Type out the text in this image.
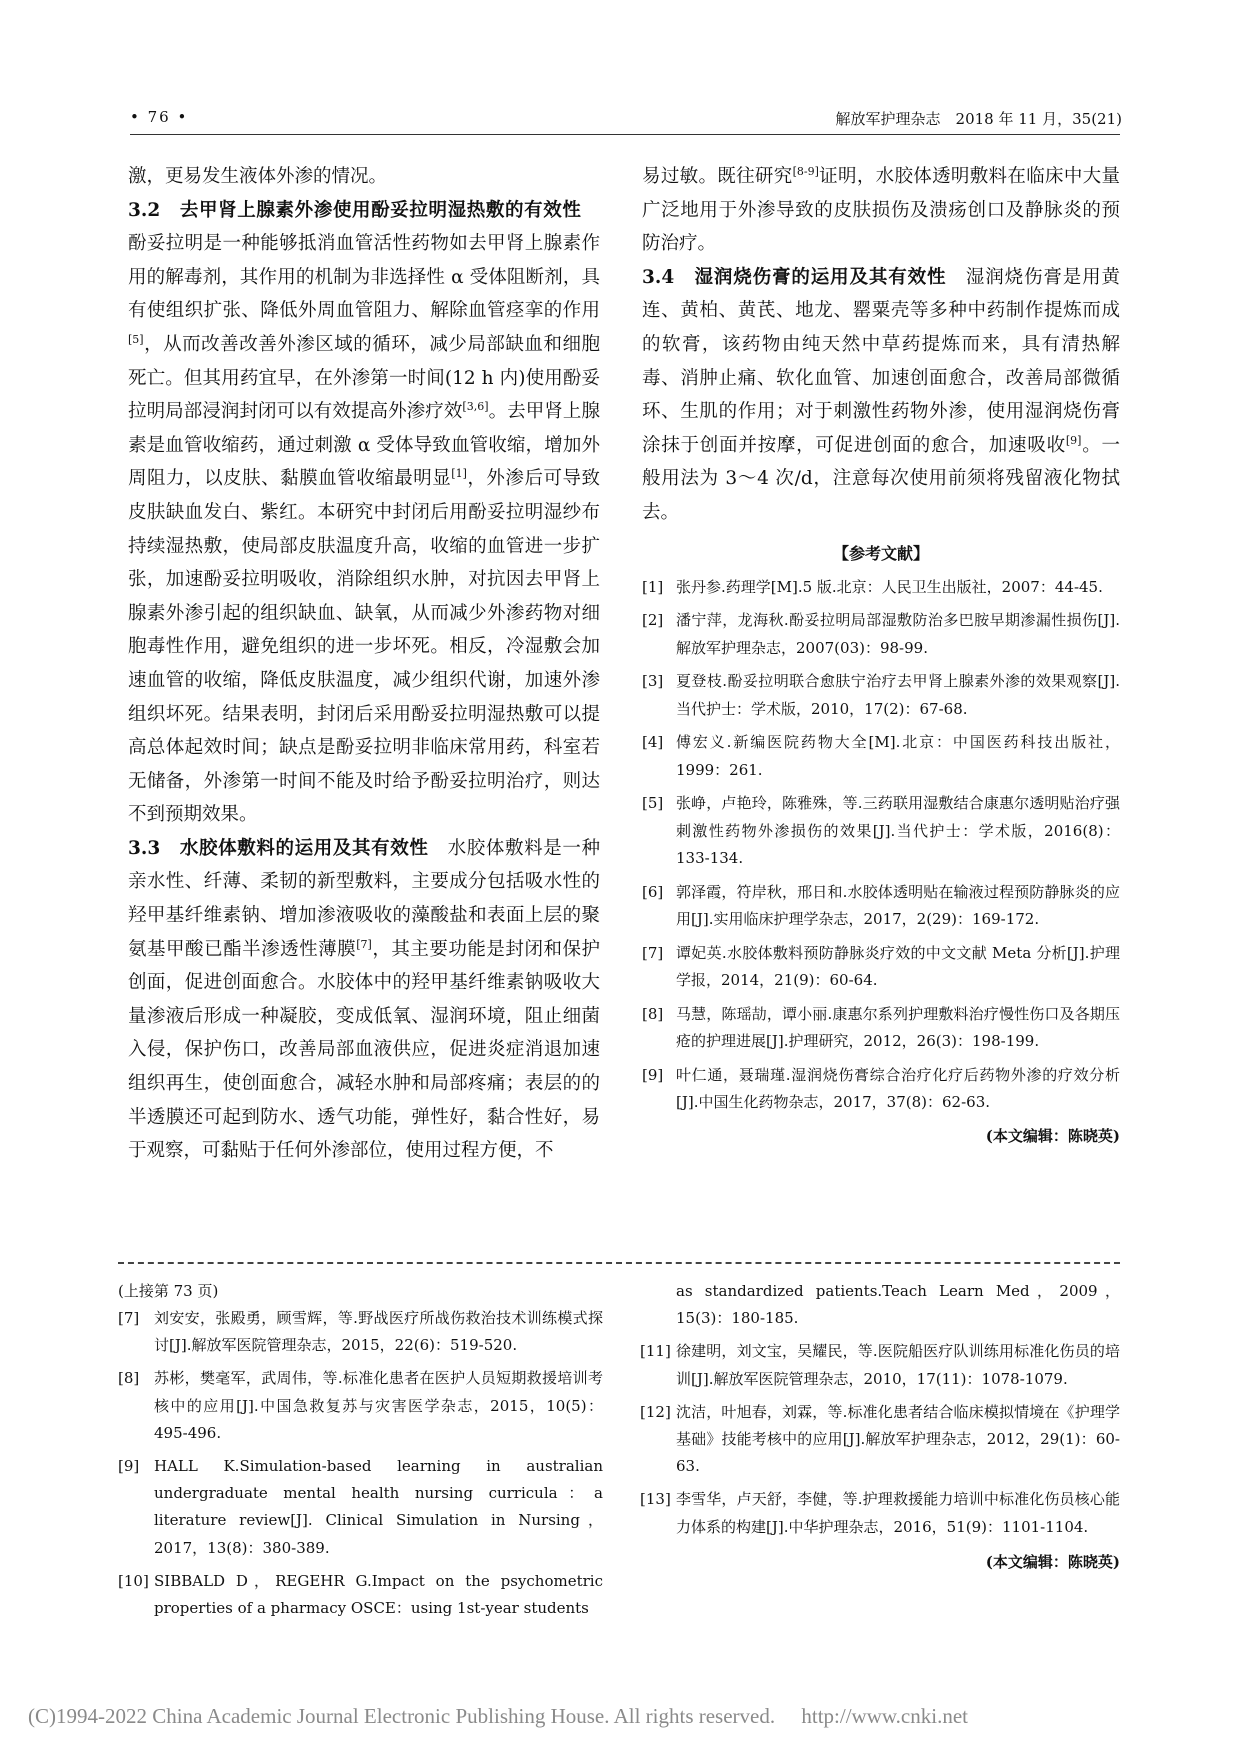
• 76 •	解放军护理杂志　2018 年 11 月，35(21)

激，更易发生液体外渗的情况。

3.2　去甲肾上腺素外渗使用酚妥拉明湿热敷的有效性　酚妥拉明是一种能够抵消血管活性药物如去甲肾上腺素作用的解毒剂，其作用的机制为非选择性 α 受体阻断剂，具有使组织扩张、降低外周血管阻力、解除血管痉挛的作用[5]，从而改善改善外渗区域的循环，减少局部缺血和细胞死亡。但其用药宜早，在外渗第一时间(12 h 内)使用酚妥拉明局部浸润封闭可以有效提高外渗疗效[3,6]。去甲肾上腺素是血管收缩药，通过刺激 α 受体导致血管收缩，增加外周阻力，以皮肤、黏膜血管收缩最明显[1]，外渗后可导致皮肤缺血发白、紫红。本研究中封闭后用酚妥拉明湿纱布持续湿热敷，使局部皮肤温度升高，收缩的血管进一步扩张，加速酚妥拉明吸收，消除组织水肿，对抗因去甲肾上腺素外渗引起的组织缺血、缺氧，从而减少外渗药物对细胞毒性作用，避免组织的进一步坏死。相反，冷湿敷会加速血管的收缩，降低皮肤温度，减少组织代谢，加速外渗组织坏死。结果表明，封闭后采用酚妥拉明湿热敷可以提高总体起效时间；缺点是酚妥拉明非临床常用药，科室若无储备，外渗第一时间不能及时给予酚妥拉明治疗，则达不到预期效果。

3.3　水胶体敷料的运用及其有效性　水胶体敷料是一种亲水性、纤薄、柔韧的新型敷料，主要成分包括吸水性的羟甲基纤维素钠、增加渗液吸收的藻酸盐和表面上层的聚氨基甲酸已酯半渗透性薄膜[7]，其主要功能是封闭和保护创面，促进创面愈合。水胶体中的羟甲基纤维素钠吸收大量渗液后形成一种凝胶，变成低氧、湿润环境，阻止细菌入侵，保护伤口，改善局部血液供应，促进炎症消退加速组织再生，使创面愈合，减轻水肿和局部疼痛；表层的的半透膜还可起到防水、透气功能，弹性好，黏合性好，易于观察，可黏贴于任何外渗部位，使用过程方便，不

易过敏。既往研究[8-9]证明，水胶体透明敷料在临床中大量广泛地用于外渗导致的皮肤损伤及溃疡创口及静脉炎的预防治疗。

3.4　湿润烧伤膏的运用及其有效性　湿润烧伤膏是用黄连、黄柏、黄芪、地龙、罂粟壳等多种中药制作提炼而成的软膏，该药物由纯天然中草药提炼而来，具有清热解毒、消肿止痛、软化血管、加速创面愈合，改善局部微循环、生肌的作用；对于刺激性药物外渗，使用湿润烧伤膏涂抹于创面并按摩，可促进创面的愈合，加速吸收[9]。一般用法为 3～4 次/d，注意每次使用前须将残留液化物拭去。

【参考文献】
[1] 张丹参.药理学[M].5 版.北京：人民卫生出版社，2007：44-45.
[2] 潘宁萍，龙海秋.酚妥拉明局部湿敷防治多巴胺早期渗漏性损伤[J].解放军护理杂志，2007(03)：98-99.
[3] 夏登枝.酚妥拉明联合愈肤宁治疗去甲肾上腺素外渗的效果观察[J].当代护士：学术版，2010，17(2)：67-68.
[4] 傅宏义.新编医院药物大全[M].北京：中国医药科技出版社，1999：261.
[5] 张峥，卢艳玲，陈雅殊，等.三药联用湿敷结合康惠尔透明贴治疗强刺激性药物外渗损伤的效果[J].当代护士：学术版，2016(8)：133-134.
[6] 郭泽霞，符岸秋，邢日和.水胶体透明贴在输液过程预防静脉炎的应用[J].实用临床护理学杂志，2017，2(29)：169-172.
[7] 谭妃英.水胶体敷料预防静脉炎疗效的中文文献 Meta 分析[J].护理学报，2014，21(9)：60-64.
[8] 马慧，陈瑶劼，谭小丽.康惠尔系列护理敷料治疗慢性伤口及各期压疮的护理进展[J].护理研究，2012，26(3)：198-199.
[9] 叶仁通，聂瑞瑾.湿润烧伤膏综合治疗化疗后药物外渗的疗效分析[J].中国生化药物杂志，2017，37(8)：62-63.
(本文编辑：陈晓英)
(上接第 73 页)
[7] 刘安安，张殿勇，顾雪辉，等.野战医疗所战伤救治技术训练模式探讨[J].解放军医院管理杂志，2015，22(6)：519-520.
[8] 苏彬，樊毫军，武周伟，等.标准化患者在医护人员短期救援培训考核中的应用[J].中国急救复苏与灾害医学杂志，2015，10(5)：495-496.
[9] HALL K.Simulation-based learning in australian undergraduate mental health nursing curricula：a literature review[J]. Clinical Simulation in Nursing，2017，13(8)：380-389.
[10] SIBBALD D，REGEHR G.Impact on the psychometric properties of a pharmacy OSCE：using 1st-year students
as standardized patients.Teach Learn Med，2009，15(3)：180-185.
[11] 徐建明，刘文宝，吴耀民，等.医院船医疗队训练用标准化伤员的培训[J].解放军医院管理杂志，2010，17(11)：1078-1079.
[12] 沈洁，叶旭春，刘霖，等.标准化患者结合临床模拟情境在《护理学基础》技能考核中的应用[J].解放军护理杂志，2012，29(1)：60-63.
[13] 李雪华，卢天舒，李健，等.护理救援能力培训中标准化伤员核心能力体系的构建[J].中华护理杂志，2016，51(9)：1101-1104.
(本文编辑：陈晓英)
(C)1994-2022 China Academic Journal Electronic Publishing House. All rights reserved.　 http://www.cnki.net
